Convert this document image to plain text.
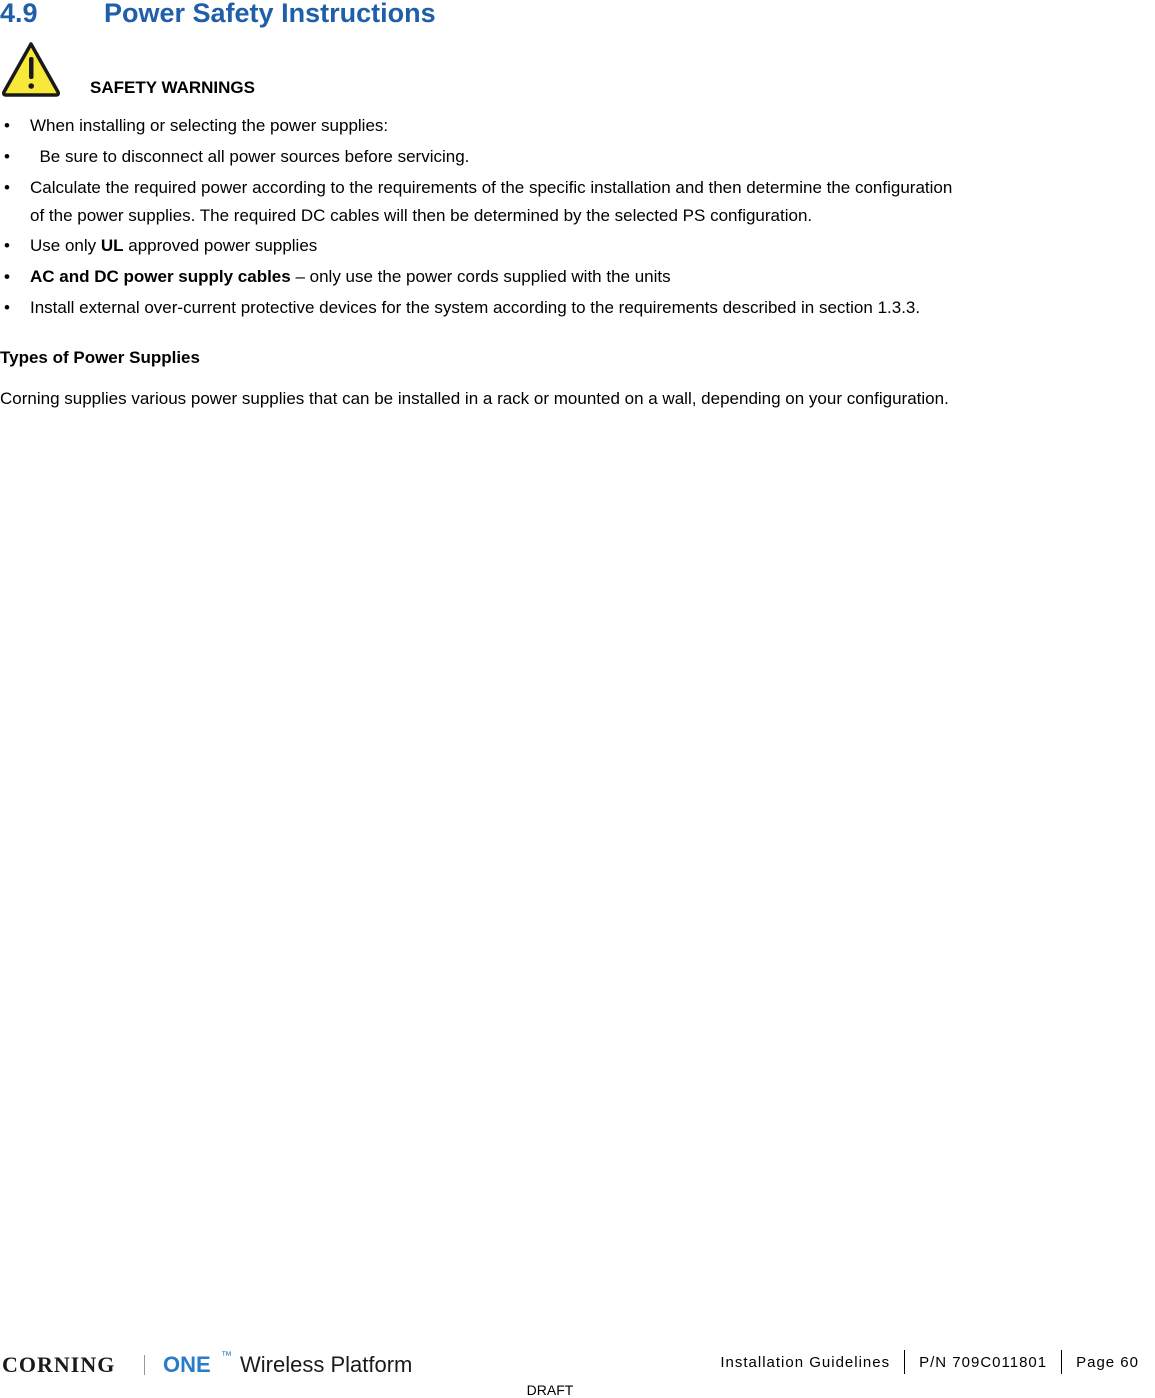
4.9 Power Safety Instructions
SAFETY WARNINGS
• When installing or selecting the power supplies:
• Be sure to disconnect all power sources before servicing.
• Calculate the required power according to the requirements of the specific installation and then determine the configuration
of the power supplies. The required DC cables will then be determined by the selected PS configuration.
• Use only UL approved power supplies
• AC and DC power supply cables – only use the power cords supplied with the units
• Install external over-current protective devices for the system according to the requirements described in section 1.3.3.
Types of Power Supplies
Corning supplies various power supplies that can be installed in a rack or mounted on a wall, depending on your configuration.
CORNING ONE ™ Wireless Platform	Installation Guidelines P/N 709C011801 Page 60
DRAFT
